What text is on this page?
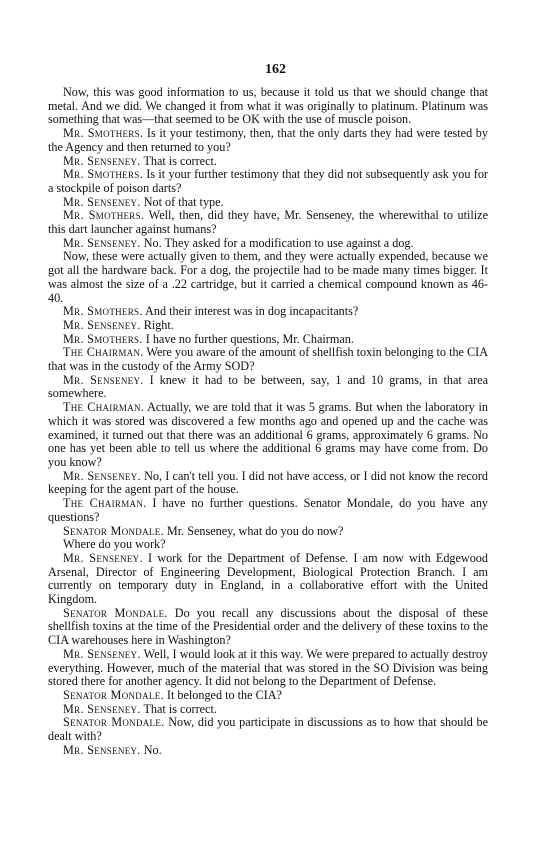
162

Now, this was good information to us, because it told us that we should change that metal. And we did. We changed it from what it was originally to platinum. Platinum was something that was—that seemed to be OK with the use of muscle poison.

Mr. Smothers. Is it your testimony, then, that the only darts they had were tested by the Agency and then returned to you?

Mr. Senseney. That is correct.

Mr. Smothers. Is it your further testimony that they did not subsequently ask you for a stockpile of poison darts?

Mr. Senseney. Not of that type.

Mr. Smothers. Well, then, did they have, Mr. Senseney, the wherewithal to utilize this dart launcher against humans?

Mr. Senseney. No. They asked for a modification to use against a dog.

Now, these were actually given to them, and they were actually expended, because we got all the hardware back. For a dog, the projectile had to be made many times bigger. It was almost the size of a .22 cartridge, but it carried a chemical compound known as 46-40.

Mr. Smothers. And their interest was in dog incapacitants?

Mr. Senseney. Right.

Mr. Smothers. I have no further questions, Mr. Chairman.

The Chairman. Were you aware of the amount of shellfish toxin belonging to the CIA that was in the custody of the Army SOD?

Mr. Senseney. I knew it had to be between, say, 1 and 10 grams, in that area somewhere.

The Chairman. Actually, we are told that it was 5 grams. But when the laboratory in which it was stored was discovered a few months ago and opened up and the cache was examined, it turned out that there was an additional 6 grams, approximately 6 grams. No one has yet been able to tell us where the additional 6 grams may have come from. Do you know?

Mr. Senseney. No, I can't tell you. I did not have access, or I did not know the record keeping for the agent part of the house.

The Chairman. I have no further questions. Senator Mondale, do you have any questions?

Senator Mondale. Mr. Senseney, what do you do now?

Where do you work?

Mr. Senseney. I work for the Department of Defense. I am now with Edgewood Arsenal, Director of Engineering Development, Biological Protection Branch. I am currently on temporary duty in England, in a collaborative effort with the United Kingdom.

Senator Mondale. Do you recall any discussions about the disposal of these shellfish toxins at the time of the Presidential order and the delivery of these toxins to the CIA warehouses here in Washington?

Mr. Senseney. Well, I would look at it this way. We were prepared to actually destroy everything. However, much of the material that was stored in the SO Division was being stored there for another agency. It did not belong to the Department of Defense.

Senator Mondale. It belonged to the CIA?

Mr. Senseney. That is correct.

Senator Mondale. Now, did you participate in discussions as to how that should be dealt with?

Mr. Senseney. No.
